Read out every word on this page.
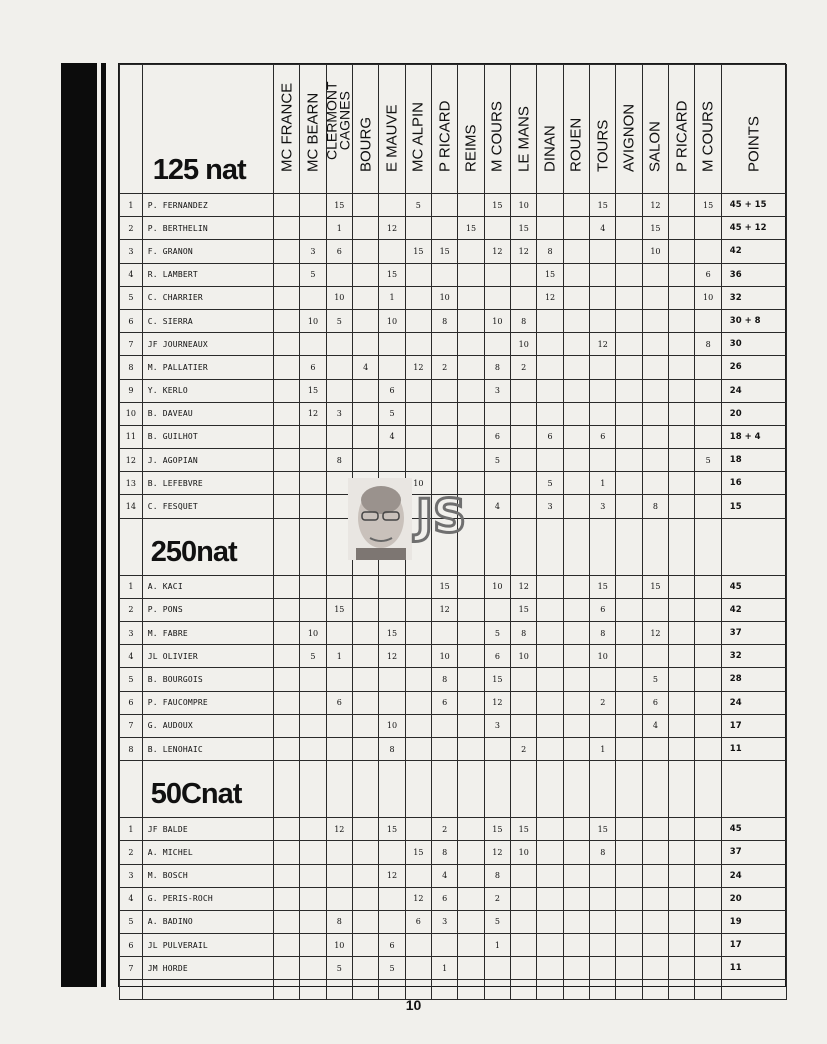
	125 nat	MC FRANCE	MC BEARN	CLERMONT
CAGNES	BOURG	E MAUVE	MC ALPIN	P RICARD	REIMS	M COURS	LE MANS	DINAN	ROUEN	TOURS	AVIGNON	SALON	P RICARD	M COURS	POINTS

1	P. FERNANDEZ			15			5			15	10			15		12		15	45 + 15
2	P. BERTHELIN			1		12			15		15			4		15			45 + 12
3	F. GRANON		3	6			15	15		12	12	8				10			42
4	R. LAMBERT		5			15						15						6	36
5	C. CHARRIER			10		1		10				12						10	32
6	C. SIERRA		10	5		10		8		10	8								30 + 8
7	JF JOURNEAUX										10			12				8	30
8	M. PALLATIER		6		4		12	2		8	2								26
9	Y. KERLO		15			6				3									24
10	B. DAVEAU		12	3		5													20
11	B. GUILHOT					4				6		6		6					18 + 4
12	J. AGOPIAN			8						5								5	18
13	B. LEFEBVRE						10					5		1					16
14	C. FESQUET									4		3		3		8			15
	250nat																		
1	A. KACI							15		10	12			15		15			45
2	P. PONS			15				12			15			6					42
3	M. FABRE		10			15				5	8			8		12			37
4	JL OLIVIER		5	1		12		10		6	10			10					32
5	B. BOURGOIS							8		15						5			28
6	P. FAUCOMPRE			6				6		12				2		6			24
7	G. AUDOUX					10				3						4			17
8	B. LENOHAIC					8					2			1					11
	50Cnat																		
1	JF BALDE			12		15		2		15	15			15					45
2	A. MICHEL						15	8		12	10			8					37
3	M. BOSCH					12		4		8									24
4	G. PERIS-ROCH						12	6		2									20
5	A. BADINO			8			6	3		5									19
6	JL PULVERAIL			10		6				1									17
7	JM HORDE			5		5		1											11

JS
10
